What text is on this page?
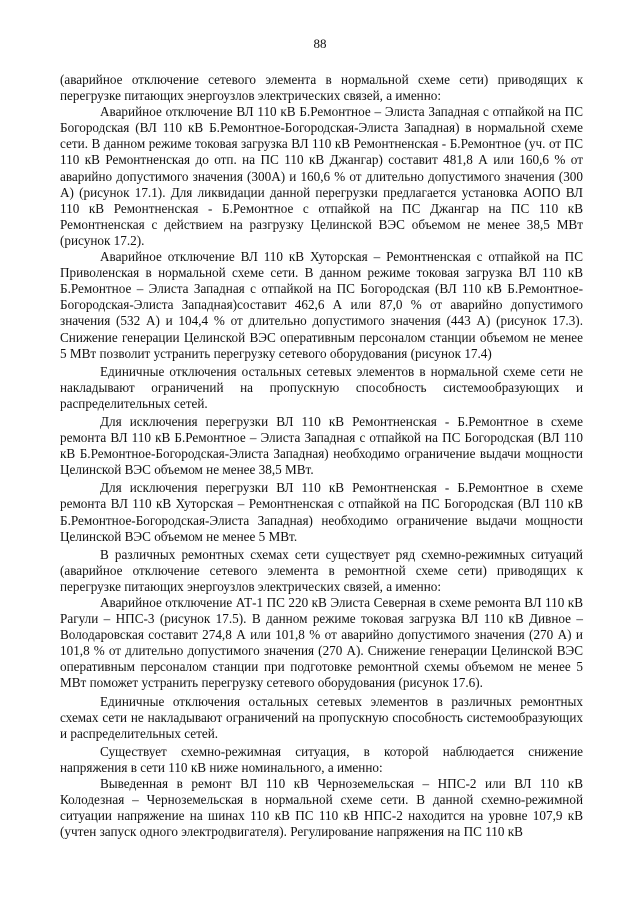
88

(аварийное отключение сетевого элемента в нормальной схеме сети) приводящих к перегрузке питающих энергоузлов электрических связей, а именно:

Аварийное отключение ВЛ 110 кВ Б.Ремонтное – Элиста Западная с отпайкой на ПС Богородская (ВЛ 110 кВ Б.Ремонтное-Богородская-Элиста Западная) в нормальной схеме сети. В данном режиме токовая загрузка ВЛ 110 кВ Ремонтненская - Б.Ремонтное (уч. от ПС 110 кВ Ремонтненская до отп. на ПС 110 кВ Джангар) составит 481,8 А или 160,6 % от аварийно допустимого значения (300А) и 160,6 % от длительно допустимого значения (300 А) (рисунок 17.1). Для ликвидации данной перегрузки предлагается установка АОПО ВЛ 110 кВ Ремонтненская - Б.Ремонтное с отпайкой на ПС Джангар на ПС 110 кВ Ремонтненская с действием на разгрузку Целинской ВЭС объемом не менее 38,5 МВт (рисунок 17.2).

Аварийное отключение ВЛ 110 кВ Хуторская – Ремонтненская с отпайкой на ПС Приволенская в нормальной схеме сети. В данном режиме токовая загрузка ВЛ 110 кВ Б.Ремонтное – Элиста Западная с отпайкой на ПС Богородская (ВЛ 110 кВ Б.Ремонтное-Богородская-Элиста Западная)составит 462,6 А или 87,0 % от аварийно допустимого значения (532 А) и 104,4 % от длительно допустимого значения (443 А) (рисунок 17.3). Снижение генерации Целинской ВЭС оперативным персоналом станции объемом не менее 5 МВт позволит устранить перегрузку сетевого оборудования (рисунок 17.4)

Единичные отключения остальных сетевых элементов в нормальной схеме сети не накладывают ограничений на пропускную способность системообразующих и распределительных сетей.

Для исключения перегрузки ВЛ 110 кВ Ремонтненская - Б.Ремонтное в схеме ремонта ВЛ 110 кВ Б.Ремонтное – Элиста Западная с отпайкой на ПС Богородская (ВЛ 110 кВ Б.Ремонтное-Богородская-Элиста Западная) необходимо ограничение выдачи мощности Целинской ВЭС объемом не менее 38,5 МВт.

Для исключения перегрузки ВЛ 110 кВ Ремонтненская - Б.Ремонтное в схеме ремонта ВЛ 110 кВ Хуторская – Ремонтненская с отпайкой на ПС Богородская (ВЛ 110 кВ Б.Ремонтное-Богородская-Элиста Западная) необходимо ограничение выдачи мощности Целинской ВЭС объемом не менее 5 МВт.

В различных ремонтных схемах сети существует ряд схемно-режимных ситуаций (аварийное отключение сетевого элемента в ремонтной схеме сети) приводящих к перегрузке питающих энергоузлов электрических связей, а именно:

Аварийное отключение АТ-1 ПС 220 кВ Элиста Северная в схеме ремонта ВЛ 110 кВ Рагули – НПС-3 (рисунок 17.5). В данном режиме токовая загрузка ВЛ 110 кВ Дивное – Володаровская составит 274,8 А или 101,8 % от аварийно допустимого значения (270 А) и 101,8 % от длительно допустимого значения (270 А). Снижение генерации Целинской ВЭС оперативным персоналом станции при подготовке ремонтной схемы объемом не менее 5 МВт поможет устранить перегрузку сетевого оборудования (рисунок 17.6).

Единичные отключения остальных сетевых элементов в различных ремонтных схемах сети не накладывают ограничений на пропускную способность системообразующих и распределительных сетей.

Существует схемно-режимная ситуация, в которой наблюдается снижение напряжения в сети 110 кВ ниже номинального, а именно:

Выведенная в ремонт ВЛ 110 кВ Черноземельская – НПС-2 или ВЛ 110 кВ Колодезная – Черноземельская в нормальной схеме сети. В данной схемно-режимной ситуации напряжение на шинах 110 кВ ПС 110 кВ НПС-2 находится на уровне 107,9 кВ (учтен запуск одного электродвигателя). Регулирование напряжения на ПС 110 кВ
